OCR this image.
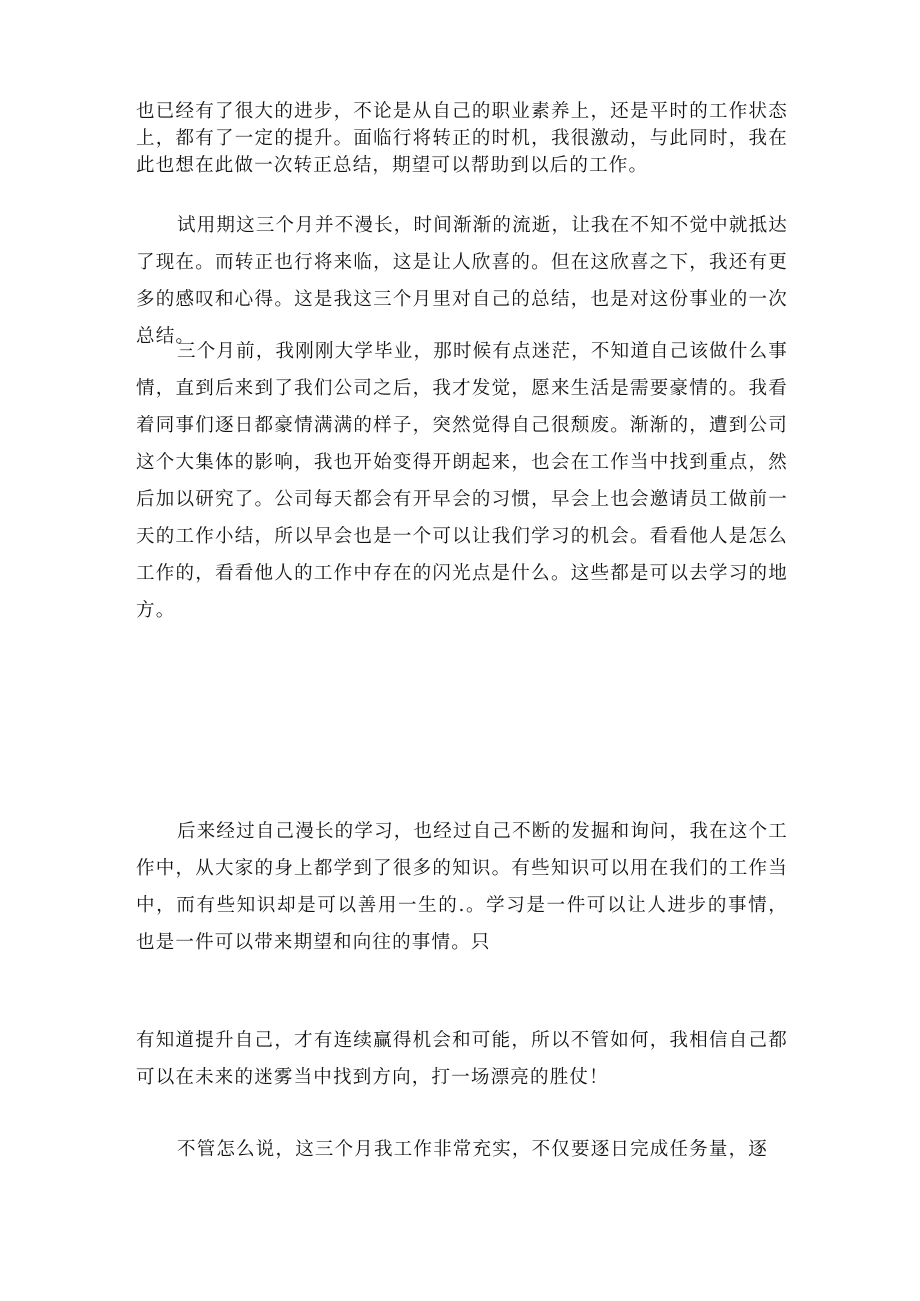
也已经有了很大的进步，不论是从自己的职业素养上，还是平时的工作状态上，都有了一定的提升。面临行将转正的时机，我很激动，与此同时，我在此也想在此做一次转正总结，期望可以帮助到以后的工作。

试用期这三个月并不漫长，时间渐渐的流逝，让我在不知不觉中就抵达了现在。而转正也行将来临，这是让人欣喜的。但在这欣喜之下，我还有更多的感叹和心得。这是我这三个月里对自己的总结，也是对这份事业的一次总结。

三个月前，我刚刚大学毕业，那时候有点迷茫，不知道自己该做什么事情，直到后来到了我们公司之后，我才发觉，愿来生活是需要豪情的。我看着同事们逐日都豪情满满的样子，突然觉得自己很颓废。渐渐的，遭到公司这个大集体的影响，我也开始变得开朗起来，也会在工作当中找到重点，然后加以研究了。公司每天都会有开早会的习惯，早会上也会邀请员工做前一天的工作小结，所以早会也是一个可以让我们学习的机会。看看他人是怎么工作的，看看他人的工作中存在的闪光点是什么。这些都是可以去学习的地方。

后来经过自己漫长的学习，也经过自己不断的发掘和询问，我在这个工作中，从大家的身上都学到了很多的知识。有些知识可以用在我们的工作当中，而有些知识却是可以善用一生的.。学习是一件可以让人进步的事情，也是一件可以带来期望和向往的事情。只

有知道提升自己，才有连续赢得机会和可能，所以不管如何，我相信自己都可以在未来的迷雾当中找到方向，打一场漂亮的胜仗！

不管怎么说，这三个月我工作非常充实，不仅要逐日完成任务量，逐
